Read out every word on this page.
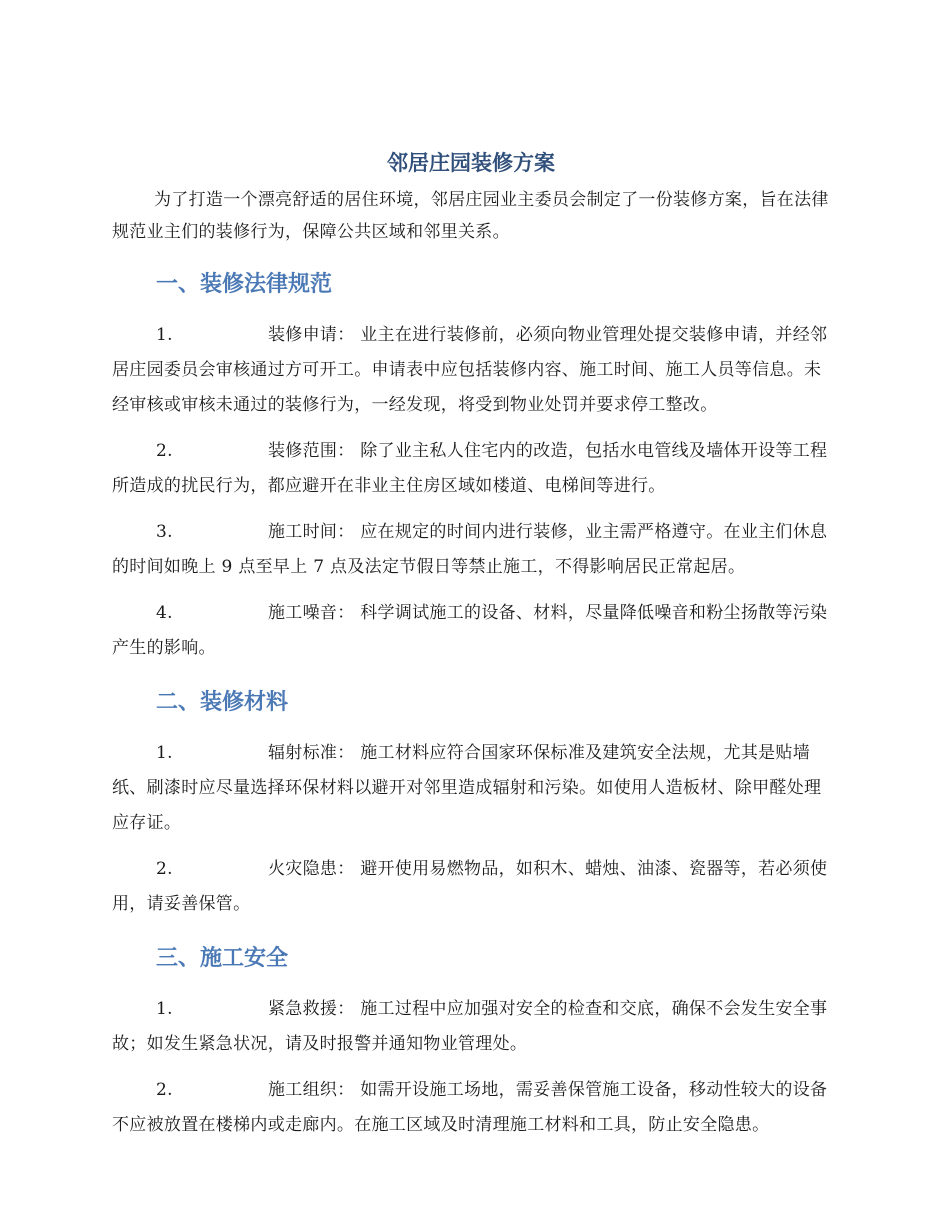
邻居庄园装修方案

为了打造一个漂亮舒适的居住环境，邻居庄园业主委员会制定了一份装修方案，旨在法律规范业主们的装修行为，保障公共区域和邻里关系。

一、装修法律规范

1.	装修申请： 业主在进行装修前，必须向物业管理处提交装修申请，并经邻居庄园委员会审核通过方可开工。申请表中应包括装修内容、施工时间、施工人员等信息。未经审核或审核未通过的装修行为，一经发现，将受到物业处罚并要求停工整改。

2.	装修范围： 除了业主私人住宅内的改造，包括水电管线及墙体开设等工程所造成的扰民行为，都应避开在非业主住房区域如楼道、电梯间等进行。

3.	施工时间： 应在规定的时间内进行装修，业主需严格遵守。在业主们休息的时间如晚上 9 点至早上 7 点及法定节假日等禁止施工，不得影响居民正常起居。

4.	施工噪音： 科学调试施工的设备、材料，尽量降低噪音和粉尘扬散等污染产生的影响。

二、装修材料

1.	辐射标准： 施工材料应符合国家环保标准及建筑安全法规，尤其是贴墙纸、刷漆时应尽量选择环保材料以避开对邻里造成辐射和污染。如使用人造板材、除甲醛处理应存证。

2.	火灾隐患： 避开使用易燃物品，如积木、蜡烛、油漆、瓷器等，若必须使用，请妥善保管。

三、施工安全

1.	紧急救援： 施工过程中应加强对安全的检查和交底，确保不会发生安全事故；如发生紧急状况，请及时报警并通知物业管理处。

2.	施工组织： 如需开设施工场地，需妥善保管施工设备，移动性较大的设备不应被放置在楼梯内或走廊内。在施工区域及时清理施工材料和工具，防止安全隐患。
